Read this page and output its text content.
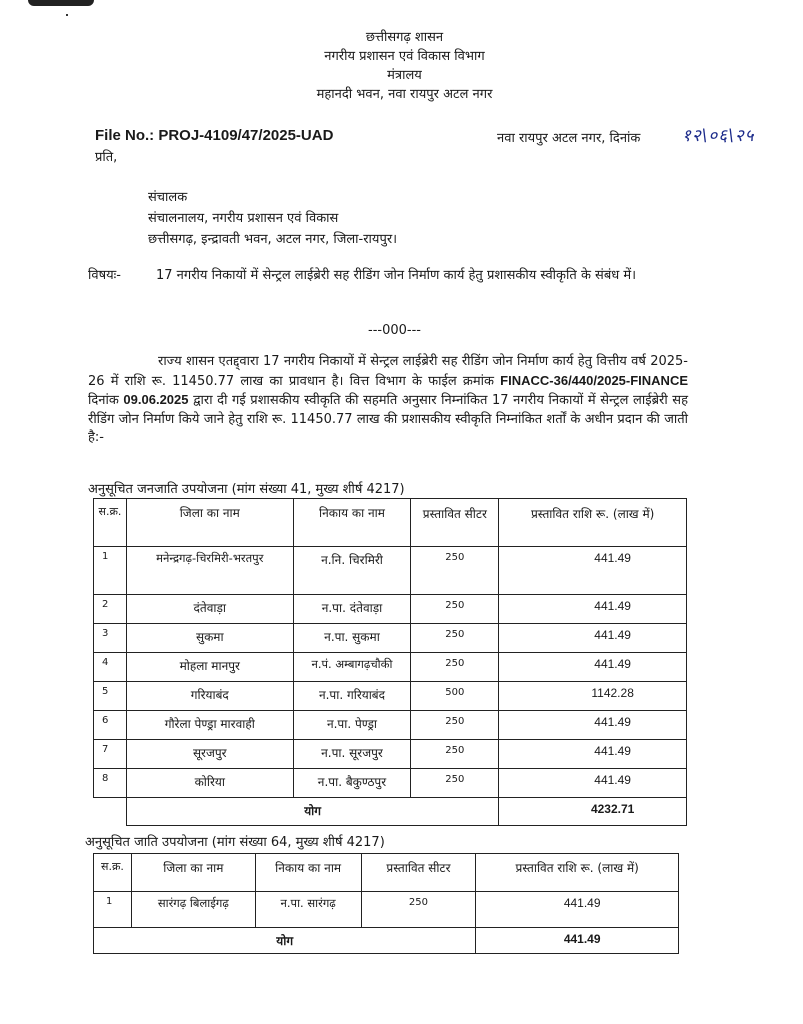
छत्तीसगढ़ शासन
नगरीय प्रशासन एवं विकास विभाग
मंत्रालय
महानदी भवन, नवा रायपुर अटल नगर
File No.: PROJ-4109/47/2025-UAD	नवा रायपुर अटल नगर, दिनांक १२\०६\२५
प्रति,
संचालक
संचालनालय, नगरीय प्रशासन एवं विकास
छत्तीसगढ़, इन्द्रावती भवन, अटल नगर, जिला-रायपुर।
विषयः-	17 नगरीय निकायों में सेन्ट्रल लाईब्रेरी सह रीडिंग जोन निर्माण कार्य हेतु प्रशासकीय स्वीकृति के संबंध में।
---000---
राज्य शासन एतद्द्वारा 17 नगरीय निकायों में सेन्ट्रल लाईब्रेरी सह रीडिंग जोन निर्माण कार्य हेतु वित्तीय वर्ष 2025-26 में राशि रू. 11450.77 लाख का प्रावधान है। वित्त विभाग के फाईल क्रमांक FINACC-36/440/2025-FINANCE दिनांक 09.06.2025 द्वारा दी गई प्रशासकीय स्वीकृति की सहमति अनुसार निम्नांकित 17 नगरीय निकायों में सेन्ट्रल लाईब्रेरी सह रीडिंग जोन निर्माण किये जाने हेतु राशि रू. 11450.77 लाख की प्रशासकीय स्वीकृति निम्नांकित शर्तों के अधीन प्रदान की जाती है:-
अनुसूचित जनजाति उपयोजना (मांग संख्या 41, मुख्य शीर्ष 4217)
स.क्र.	जिला का नाम	निकाय का नाम	प्रस्तावित सीटर	प्रस्तावित राशि रू. (लाख में)
1	मनेन्द्रगढ़-चिरमिरी-भरतपुर	न.नि. चिरमिरी	250	441.49
2	दंतेवाड़ा	न.पा. दंतेवाड़ा	250	441.49
3	सुकमा	न.पा. सुकमा	250	441.49
4	मोहला मानपुर	न.पं. अम्बागढ़चौकी	250	441.49
5	गरियाबंद	न.पा. गरियाबंद	500	1142.28
6	गौरेला पेण्ड्रा मारवाही	न.पा. पेण्ड्रा	250	441.49
7	सूरजपुर	न.पा. सूरजपुर	250	441.49
8	कोरिया	न.पा. बैकुण्ठपुर	250	441.49
	योग			4232.71
अनुसूचित जाति उपयोजना (मांग संख्या 64, मुख्य शीर्ष 4217)
स.क्र.	जिला का नाम	निकाय का नाम	प्रस्तावित सीटर	प्रस्तावित राशि रू. (लाख में)
1	सारंगढ़ बिलाईगढ़	न.पा. सारंगढ़	250	441.49
योग				441.49
